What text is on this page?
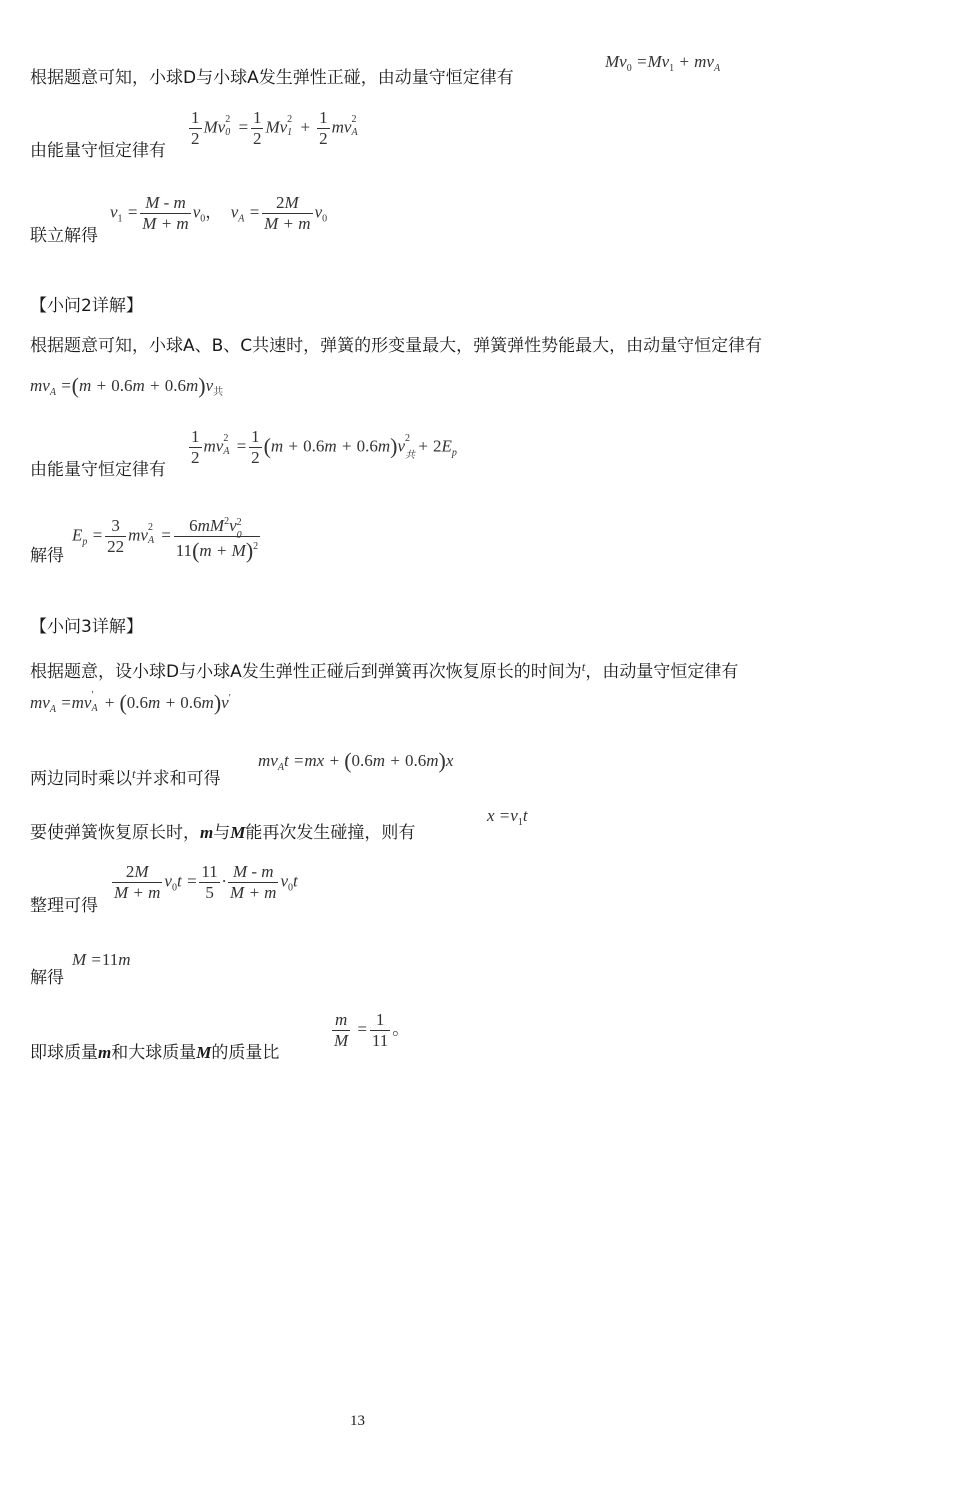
根据题意可知，小球D与小球A发生弹性正碰，由动量守恒定律有
$Mv_0 =Mv_1 + mv_A$
由能量守恒定律有
$\frac{1}{2}$ Mv 2
$0 = \frac{1}{2}$ Mv 2
$1 + \frac{1}{2}$ mv 2
A
联立解得
$v_1 = \frac{M - m}{M + m} v_0$，  $v_A = \frac{2M}{M + m} v_0$
【小问2详解】
根据题意可知，小球A、B、C共速时，弹簧的形变量最大，弹簧弹性势能最大，由动量守恒定律有
$mv_A =(m + 0.6m + 0.6m)v_共$
由能量守恒定律有
$\frac{1}{2}$ mv 2
$A = \frac{1}{2} (m + 0.6m + 0.6m)v$ 2
共
+ $2E_p$
解得
$E_p = \frac{3}{22}$ mv 2
$A = 6mM^2v$ 2
0
$11(m + M)^2$
【小问3详解】
根据题意，设小球D与小球A发生弹性正碰后到弹簧再次恢复原长的时间为$^t$，由动量守恒定律有
$mv_A =mv$ ′
A + (0.6m + 0.6m)v′
两边同时乘以$^t$并求和可得
$mv_At =mx + (0.6m + 0.6m)x$
要使弹簧恢复原长时，m与M能再次发生碰撞，则有
$x =v_1t$
整理可得
$\frac{2M}{M + m} v_0t = \frac{11}{5} \cdot \frac{M - m}{M + m} v_0t$
解得
M =11m
即球质量m和大球质量M的质量比
$\frac{m}{M} = \frac{1}{11}$ 。
13
